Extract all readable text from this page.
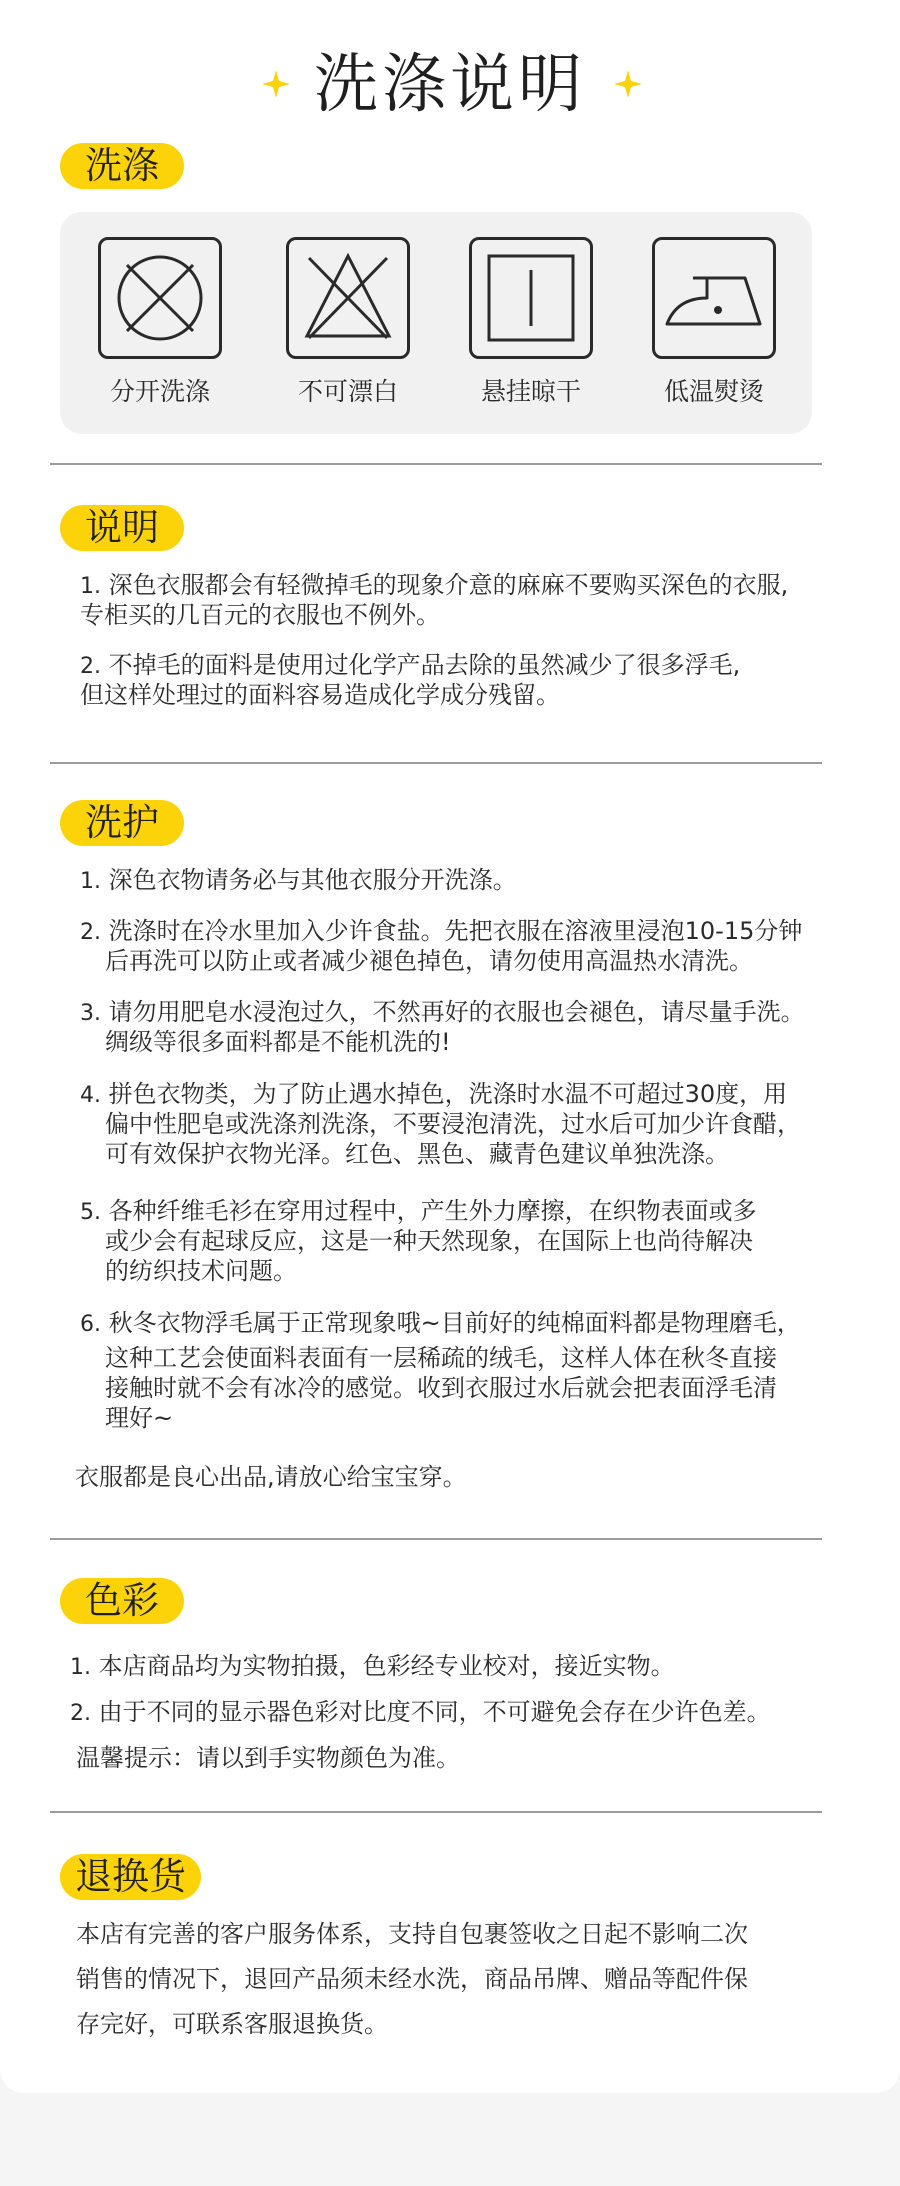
洗涤说明
洗涤
分开洗涤	不可漂白	悬挂晾干	低温熨烫
说明
1. 深色衣服都会有轻微掉毛的现象介意的麻麻不要购买深色的衣服,
专柜买的几百元的衣服也不例外。
2. 不掉毛的面料是使用过化学产品去除的虽然减少了很多浮毛,
但这样处理过的面料容易造成化学成分残留。
洗护
1. 深色衣物请务必与其他衣服分开洗涤。
2. 洗涤时在冷水里加入少许食盐。先把衣服在溶液里浸泡10-15分钟
后再洗可以防止或者减少褪色掉色，请勿使用高温热水清洗。
3. 请勿用肥皂水浸泡过久，不然再好的衣服也会褪色，请尽量手洗。
绸级等很多面料都是不能机洗的!
4. 拼色衣物类，为了防止遇水掉色，洗涤时水温不可超过30度，用
偏中性肥皂或洗涤剂洗涤，不要浸泡清洗，过水后可加少许食醋，
可有效保护衣物光泽。红色、黑色、藏青色建议单独洗涤。
5. 各种纤维毛衫在穿用过程中，产生外力摩擦，在织物表面或多
或少会有起球反应，这是一种天然现象，在国际上也尚待解决
的纺织技术问题。
6. 秋冬衣物浮毛属于正常现象哦~目前好的纯棉面料都是物理磨毛，
这种工艺会使面料表面有一层稀疏的绒毛，这样人体在秋冬直接
接触时就不会有冰冷的感觉。收到衣服过水后就会把表面浮毛清
理好~
衣服都是良心出品,请放心给宝宝穿。
色彩
1. 本店商品均为实物拍摄，色彩经专业校对，接近实物。
2. 由于不同的显示器色彩对比度不同，不可避免会存在少许色差。
温馨提示：请以到手实物颜色为准。
退换货
本店有完善的客户服务体系，支持自包裹签收之日起不影响二次
销售的情况下，退回产品须未经水洗，商品吊牌、赠品等配件保
存完好，可联系客服退换货。
